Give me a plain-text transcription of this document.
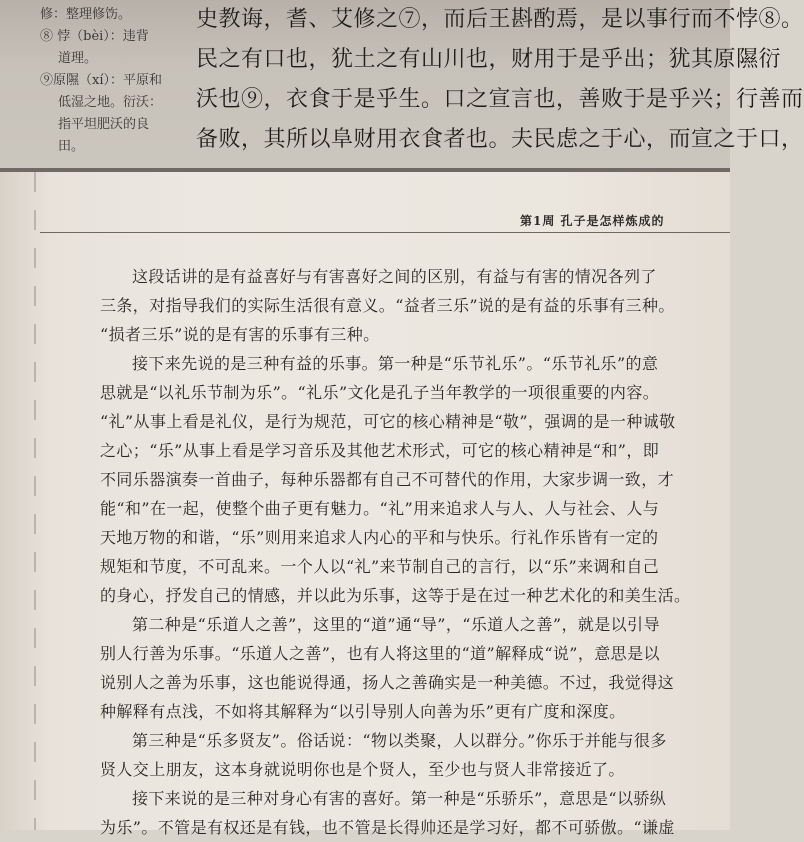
修：整理修饬。

⑧ 悖（bèi）：违背

道理。

⑨原隰（xí）：平原和

低湿之地。衍沃：

指平坦肥沃的良

田。

史教诲，耆、艾修之⑦，而后王斟酌焉，是以事行而不悖⑧。

民之有口也，犹土之有山川也，财用于是乎出；犹其原隰衍

沃也⑨，衣食于是乎生。口之宣言也，善败于是乎兴；行善而

备败，其所以阜财用衣食者也。夫民虑之于心，而宣之于口，

第1周 孔子是怎样炼成的

这段话讲的是有益喜好与有害喜好之间的区别，有益与有害的情况各列了

三条，对指导我们的实际生活很有意义。“益者三乐”说的是有益的乐事有三种。

“损者三乐”说的是有害的乐事有三种。

接下来先说的是三种有益的乐事。第一种是“乐节礼乐”。“乐节礼乐”的意

思就是“以礼乐节制为乐”。“礼乐”文化是孔子当年教学的一项很重要的内容。

“礼”从事上看是礼仪，是行为规范，可它的核心精神是“敬”，强调的是一种诚敬

之心；“乐”从事上看是学习音乐及其他艺术形式，可它的核心精神是“和”，即

不同乐器演奏一首曲子，每种乐器都有自己不可替代的作用，大家步调一致，才

能“和”在一起，使整个曲子更有魅力。“礼”用来追求人与人、人与社会、人与

天地万物的和谐，“乐”则用来追求人内心的平和与快乐。行礼作乐皆有一定的

规矩和节度，不可乱来。一个人以“礼”来节制自己的言行，以“乐”来调和自己

的身心，抒发自己的情感，并以此为乐事，这等于是在过一种艺术化的和美生活。

第二种是“乐道人之善”，这里的“道”通“导”，“乐道人之善”，就是以引导

别人行善为乐事。“乐道人之善”，也有人将这里的“道”解释成“说”，意思是以

说别人之善为乐事，这也能说得通，扬人之善确实是一种美德。不过，我觉得这

种解释有点浅，不如将其解释为“以引导别人向善为乐”更有广度和深度。

第三种是“乐多贤友”。俗话说：“物以类聚，人以群分。”你乐于并能与很多

贤人交上朋友，这本身就说明你也是个贤人，至少也与贤人非常接近了。

接下来说的是三种对身心有害的喜好。第一种是“乐骄乐”，意思是“以骄纵

为乐”。不管是有权还是有钱，也不管是长得帅还是学习好，都不可骄傲。“谦虚
